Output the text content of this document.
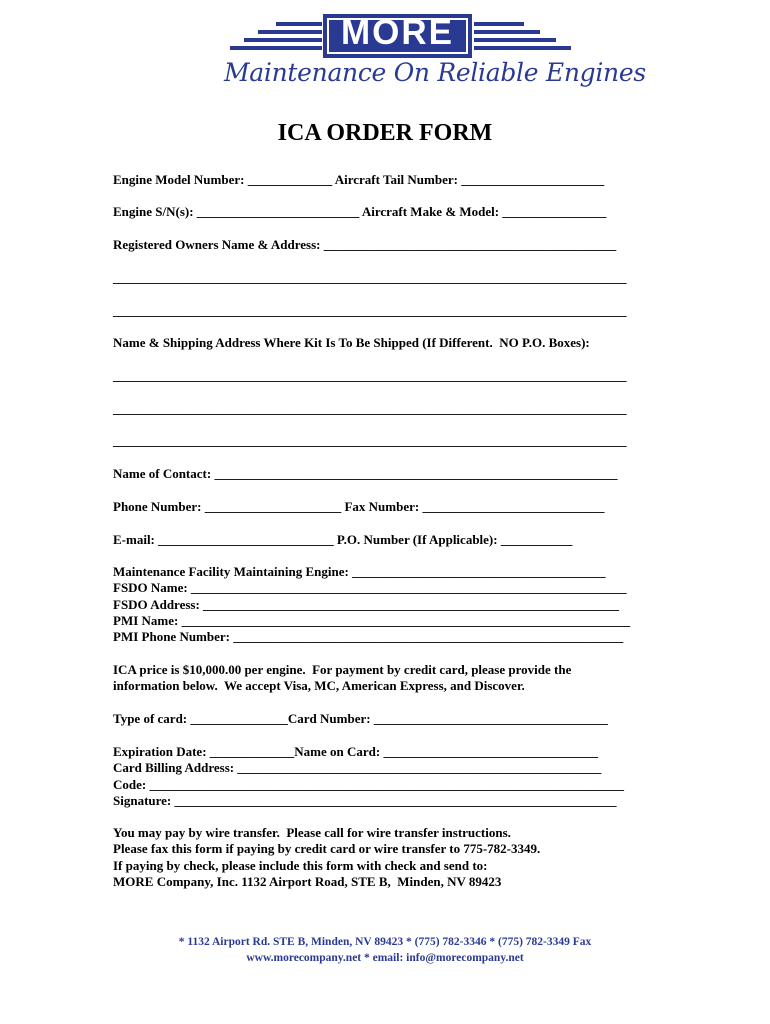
MORE
Maintenance On Reliable Engines
ICA ORDER FORM
Engine Model Number: _____________ Aircraft Tail Number: ______________________
Engine S/N(s): _________________________ Aircraft Make & Model: ________________
Registered Owners Name & Address: _____________________________________________
_______________________________________________________________________________
_______________________________________________________________________________
Name & Shipping Address Where Kit Is To Be Shipped (If Different.  NO P.O. Boxes):
_______________________________________________________________________________
_______________________________________________________________________________
_______________________________________________________________________________
Name of Contact: ______________________________________________________________
Phone Number: _____________________ Fax Number: ____________________________
E-mail: ___________________________ P.O. Number (If Applicable): ___________
Maintenance Facility Maintaining Engine: _______________________________________
FSDO Name: ___________________________________________________________________
FSDO Address: ________________________________________________________________
PMI Name: _____________________________________________________________________
PMI Phone Number: ____________________________________________________________
ICA price is $10,000.00 per engine.  For payment by credit card, please provide the
information below.  We accept Visa, MC, American Express, and Discover.
Type of card: _______________Card Number: ____________________________________
Expiration Date: _____________Name on Card: _________________________________
Card Billing Address: ________________________________________________________
Code: _________________________________________________________________________
Signature: ____________________________________________________________________
You may pay by wire transfer.  Please call for wire transfer instructions.
Please fax this form if paying by credit card or wire transfer to 775-782-3349.
If paying by check, please include this form with check and send to:
MORE Company, Inc. 1132 Airport Road, STE B,  Minden, NV 89423
* 1132 Airport Rd. STE B, Minden, NV 89423 * (775) 782-3346 * (775) 782-3349 Fax
www.morecompany.net * email: info@morecompany.net
